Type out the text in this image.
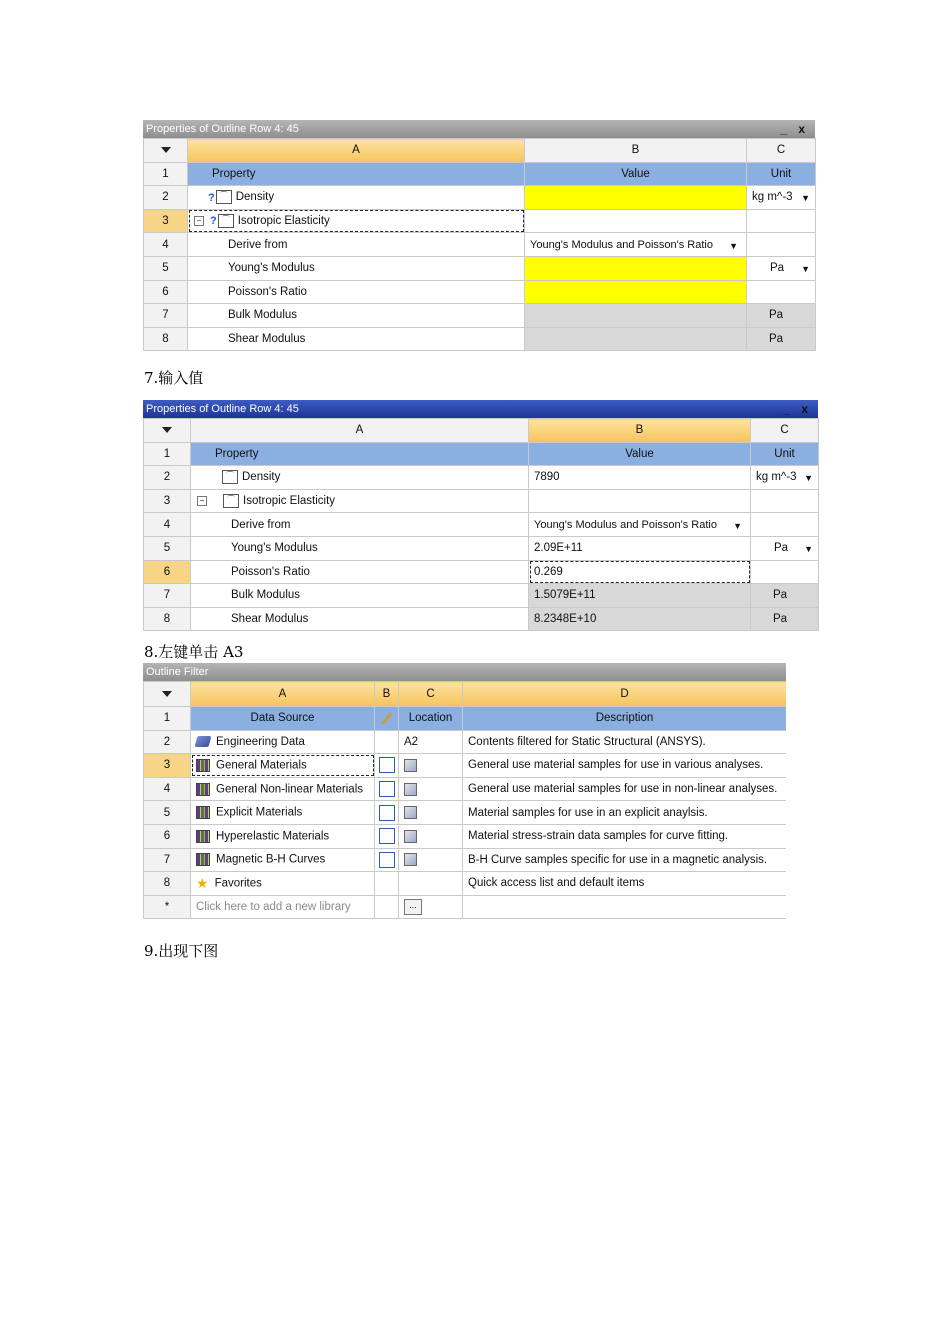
Properties of Outline Row 4: 45	_ x
	A	B	C
1	Property	Value	Unit
2	? ⌒ Density		kg m^-3 ▼

3	− ? ⌒ Isotropic Elasticity		
4	Derive from	Young's Modulus and Poisson's Ratio ▼	

5	Young's Modulus		Pa ▼

6	Poisson's Ratio		
7	Bulk Modulus		Pa
8	Shear Modulus		Pa
7.输入值
Properties of Outline Row 4: 45	_ x
	A	B	C
1	Property	Value	Unit
2	⌒ Density	7890	kg m^-3 ▼

3	− ⌒ Isotropic Elasticity		
4	Derive from	Young's Modulus and Poisson's Ratio ▼	

5	Young's Modulus	2.09E+11	Pa ▼

6	Poisson's Ratio	0.269	
7	Bulk Modulus	1.5079E+11	Pa
8	Shear Modulus	8.2348E+10	Pa
8.左键单击 A3
Outline Filter
	A	B	C	D
1	Data Source		Location	Description
2	Engineering Data		A2	Contents filtered for Static Structural (ANSYS).
3	General Materials			General use material samples for use in various analyses.
4	General Non-linear Materials			General use material samples for use in non-linear analyses.
5	Explicit Materials			Material samples for use in an explicit anaylsis.
6	Hyperelastic Materials			Material stress-strain data samples for curve fitting.
7	Magnetic B-H Curves			B-H Curve samples specific for use in a magnetic analysis.
8	★ Favorites			Quick access list and default items
*	Click here to add a new library		...	
9.出现下图
